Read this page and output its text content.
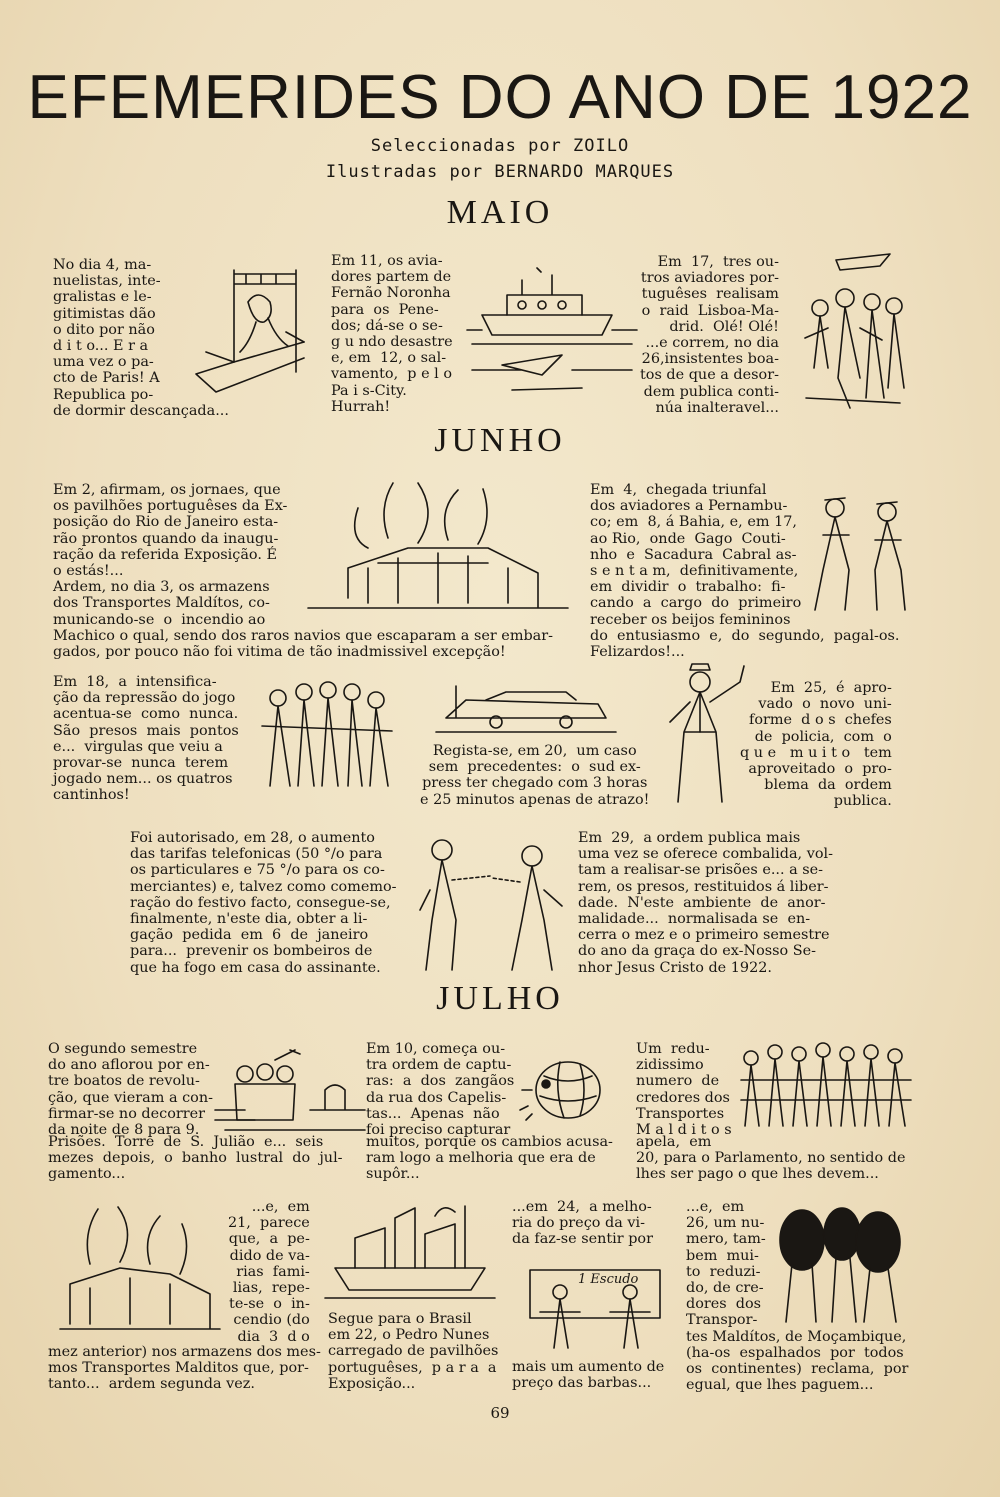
EFEMERIDES DO ANO DE 1922
Seleccionadas por ZOILO
Ilustradas por BERNARDO MARQUES
MAIO
No dia 4, ma-
nuelistas, inte-
gralistas e le-
gitimistas dão
o dito por não
d i t o... E r a
uma vez o pa-
cto de Paris! A
Republica po-
de dormir descançada...
Em 11, os avia-
dores partem de
Fernão Noronha
para  os  Pene-
dos; dá-se o se-
g u ndo desastre
e, em  12, o sal-
vamento,  p e l o
Pa i s-City.
Hurrah!
Em  17,  tres ou-
tros aviadores por-
tuguêses  realisam
o  raid  Lisboa-Ma-
drid.  Olé! Olé!
...e correm, no dia
26,insistentes boa-
tos de que a desor-
dem publica conti-
núa inalteravel...
JUNHO
Em 2, afirmam, os jornaes, que
os pavilhões portuguêses da Ex-
posição do Rio de Janeiro esta-
rão prontos quando da inaugu-
ração da referida Exposição. É
o estás!...
Ardem, no dia 3, os armazens
dos Transportes Maldítos, co-
municando-se  o  incendio ao
Machico o qual, sendo dos raros navios que escaparam a ser embar-
gados, por pouco não foi vitima de tão inadmissivel excepção!
Em  4,  chegada triunfal
dos aviadores a Pernambu-
co; em  8, á Bahia, e, em 17,
ao Rio,  onde  Gago  Couti-
nho  e  Sacadura  Cabral as-
s e n t a m,  definitivamente,
em  dividir  o  trabalho:  fi-
cando  a  cargo  do  primeiro
receber os beijos femininos
do  entusiasmo  e,  do  segundo,  pagal-os.
Felizardos!...
Em  18,  a  intensifica-
ção da repressão do jogo
acentua-se  como  nunca.
São  presos  mais  pontos
e...  virgulas que veiu a
provar-se  nunca  terem
jogado nem... os quatros
cantinhos!
Regista-se, em 20,  um caso
sem  precedentes:  o  sud ex-
press ter chegado com 3 horas
e 25 minutos apenas de atrazo!
Em  25,  é  apro-
vado  o  novo  uni-
forme  d o s  chefes
de  policia,  com  o
q u e   m u i t o   tem
aproveitado  o  pro-
blema  da  ordem
publica.
Foi autorisado, em 28, o aumento
das tarifas telefonicas (50 °/o para
os particulares e 75 °/o para os co-
merciantes) e, talvez como comemo-
ração do festivo facto, consegue-se,
finalmente, n'este dia, obter a li-
gação  pedida  em  6  de  janeiro
para...  prevenir os bombeiros de
que ha fogo em casa do assinante.
Em  29,  a ordem publica mais
uma vez se oferece combalida, vol-
tam a realisar-se prisões e... a se-
rem, os presos, restituidos á liber-
dade.  N'este  ambiente  de  anor-
malidade...  normalisada se  en-
cerra o mez e o primeiro semestre
do ano da graça do ex-Nosso Se-
nhor Jesus Cristo de 1922.
JULHO
O segundo semestre
do ano aflorou por en-
tre boatos de revolu-
ção, que vieram a con-
firmar-se no decorrer
da noite de 8 para 9.
Prisões.  Torre  de  S.  Julião  e...  seis
mezes  depois,  o  banho  lustral  do  jul-
gamento...
Em 10, começa ou-
tra ordem de captu-
ras:  a  dos  zangãos
da rua dos Capelis-
tas...  Apenas  não
foi preciso capturar
muitos, porque os cambios acusa-
ram logo a melhoria que era de
supôr...
Um  redu-
zidissimo
numero  de
credores dos
Transportes
M a l d i t o s
apela,  em
20, para o Parlamento, no sentido de
lhes ser pago o que lhes devem...
...e,  em
21,  parece
que,  a  pe-
dido de va-
rias  fami-
lias,  repe-
te-se  o  in-
cendio (do
dia  3  d o
mez anterior) nos armazens dos mes-
mos Transportes Malditos que, por-
tanto...  ardem segunda vez.
Segue para o Brasil
em 22, o Pedro Nunes
carregado de pavilhões
portuguêses,  p a r a  a
Exposição...
...em  24,  a melho-
ria do preço da vi-
da faz-se sentir por
1 Escudo
mais um aumento de
preço das barbas...
...e,  em
26, um nu-
mero, tam-
bem  mui-
to  reduzi-
do, de cre-
dores  dos
Transpor-
tes Maldítos, de Moçambique,
(ha-os  espalhados  por  todos
os  continentes)  reclama,  por
egual, que lhes paguem...
69
